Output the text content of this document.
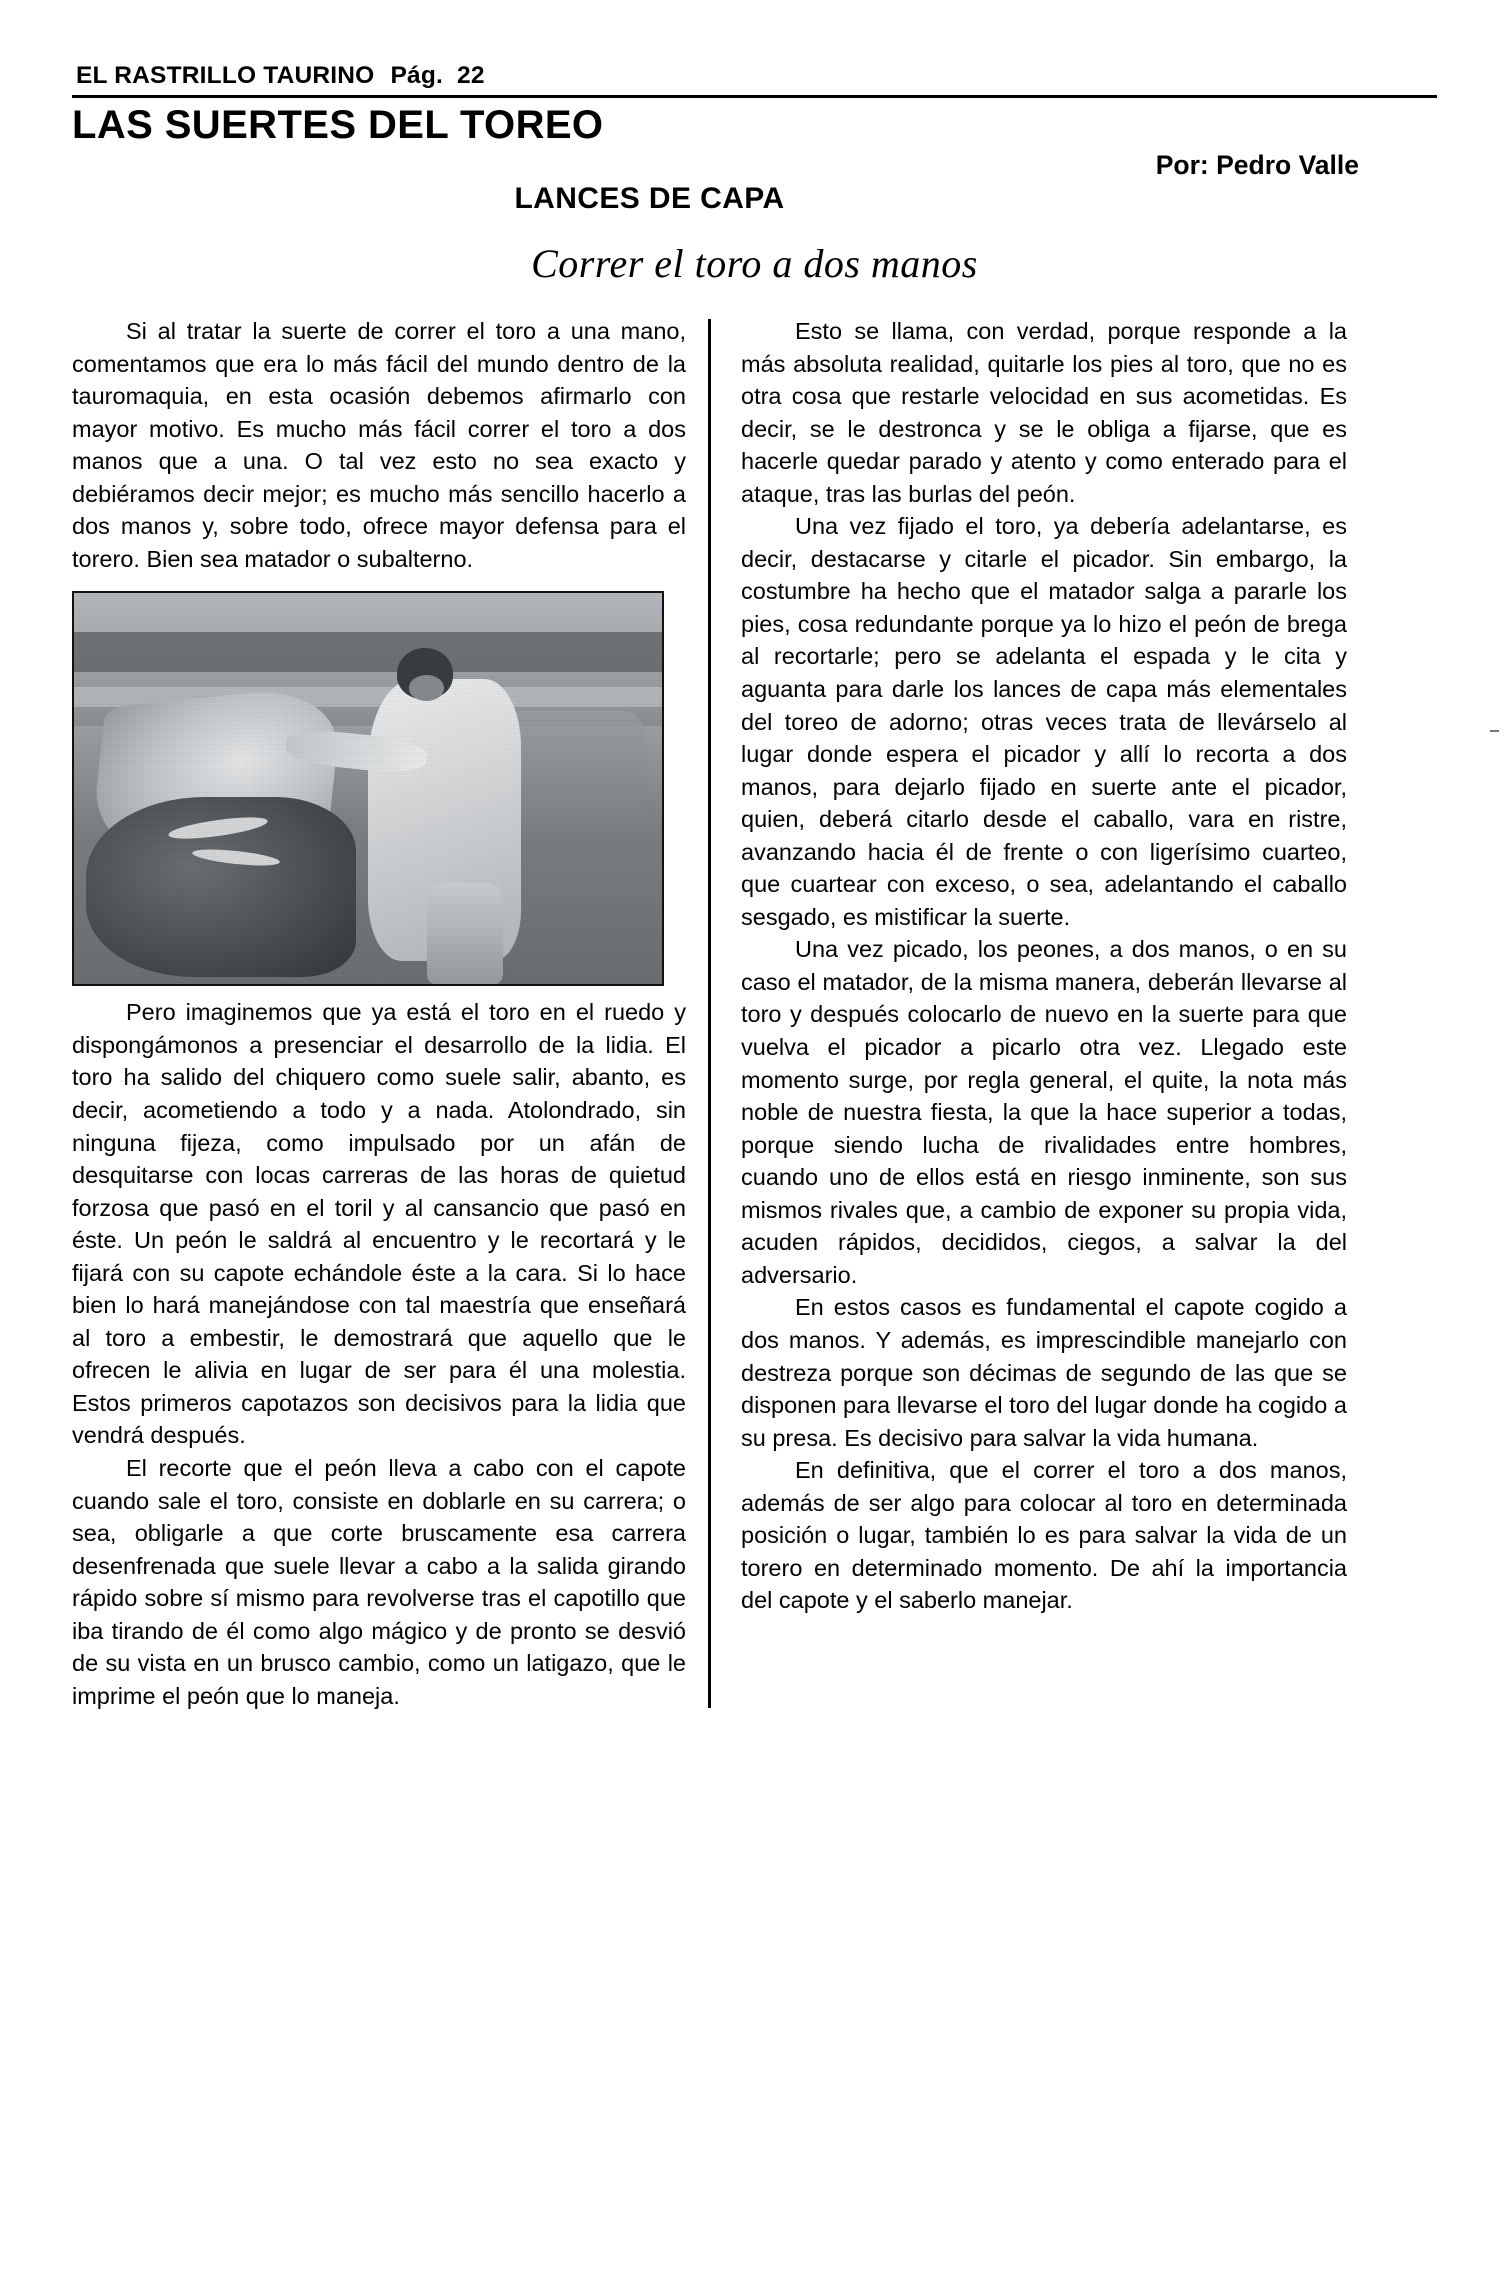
EL RASTRILLO TAURINO Pág. 22
LAS SUERTES DEL TOREO
Por: Pedro Valle
LANCES DE CAPA
Correr el toro a dos manos

Si al tratar la suerte de correr el toro a una mano, comentamos que era lo más fácil del mundo dentro de la tauromaquia, en esta ocasión debemos afirmarlo con mayor motivo. Es mucho más fácil correr el toro a dos manos que a una. O tal vez esto no sea exacto y debiéramos decir mejor; es mucho más sencillo hacerlo a dos manos y, sobre todo, ofrece mayor defensa para el torero. Bien sea matador o subalterno.

Pero imaginemos que ya está el toro en el ruedo y dispongámonos a presenciar el desarrollo de la lidia. El toro ha salido del chiquero como suele salir, abanto, es decir, acometiendo a todo y a nada. Atolondrado, sin ninguna fijeza, como impulsado por un afán de desquitarse con locas carreras de las horas de quietud forzosa que pasó en el toril y al cansancio que pasó en éste. Un peón le saldrá al encuentro y le recortará y le fijará con su capote echándole éste a la cara. Si lo hace bien lo hará manejándose con tal maestría que enseñará al toro a embestir, le demostrará que aquello que le ofrecen le alivia en lugar de ser para él una molestia. Estos primeros capotazos son decisivos para la lidia que vendrá después.

El recorte que el peón lleva a cabo con el capote cuando sale el toro, consiste en doblarle en su carrera; o sea, obligarle a que corte bruscamente esa carrera desenfrenada que suele llevar a cabo a la salida girando rápido sobre sí mismo para revolverse tras el capotillo que iba tirando de él como algo mágico y de pronto se desvió de su vista en un brusco cambio, como un latigazo, que le imprime el peón que lo maneja.

Esto se llama, con verdad, porque responde a la más absoluta realidad, quitarle los pies al toro, que no es otra cosa que restarle velocidad en sus acometidas. Es decir, se le destronca y se le obliga a fijarse, que es hacerle quedar parado y atento y como enterado para el ataque, tras las burlas del peón.

Una vez fijado el toro, ya debería adelantarse, es decir, destacarse y citarle el picador. Sin embargo, la costumbre ha hecho que el matador salga a pararle los pies, cosa redundante porque ya lo hizo el peón de brega al recortarle; pero se adelanta el espada y le cita y aguanta para darle los lances de capa más elementales del toreo de adorno; otras veces trata de llevárselo al lugar donde espera el picador y allí lo recorta a dos manos, para dejarlo fijado en suerte ante el picador, quien, deberá citarlo desde el caballo, vara en ristre, avanzando hacia él de frente o con ligerísimo cuarteo, que cuartear con exceso, o sea, adelantando el caballo sesgado, es mistificar la suerte.

Una vez picado, los peones, a dos manos, o en su caso el matador, de la misma manera, deberán llevarse al toro y después colocarlo de nuevo en la suerte para que vuelva el picador a picarlo otra vez. Llegado este momento surge, por regla general, el quite, la nota más noble de nuestra fiesta, la que la hace superior a todas, porque siendo lucha de rivalidades entre hombres, cuando uno de ellos está en riesgo inminente, son sus mismos rivales que, a cambio de exponer su propia vida, acuden rápidos, decididos, ciegos, a salvar la del adversario.

En estos casos es fundamental el capote cogido a dos manos. Y además, es imprescindible manejarlo con destreza porque son décimas de segundo de las que se disponen para llevarse el toro del lugar donde ha cogido a su presa. Es decisivo para salvar la vida humana.

En definitiva, que el correr el toro a dos manos, además de ser algo para colocar al toro en determinada posición o lugar, también lo es para salvar la vida de un torero en determinado momento. De ahí la importancia del capote y el saberlo manejar.
